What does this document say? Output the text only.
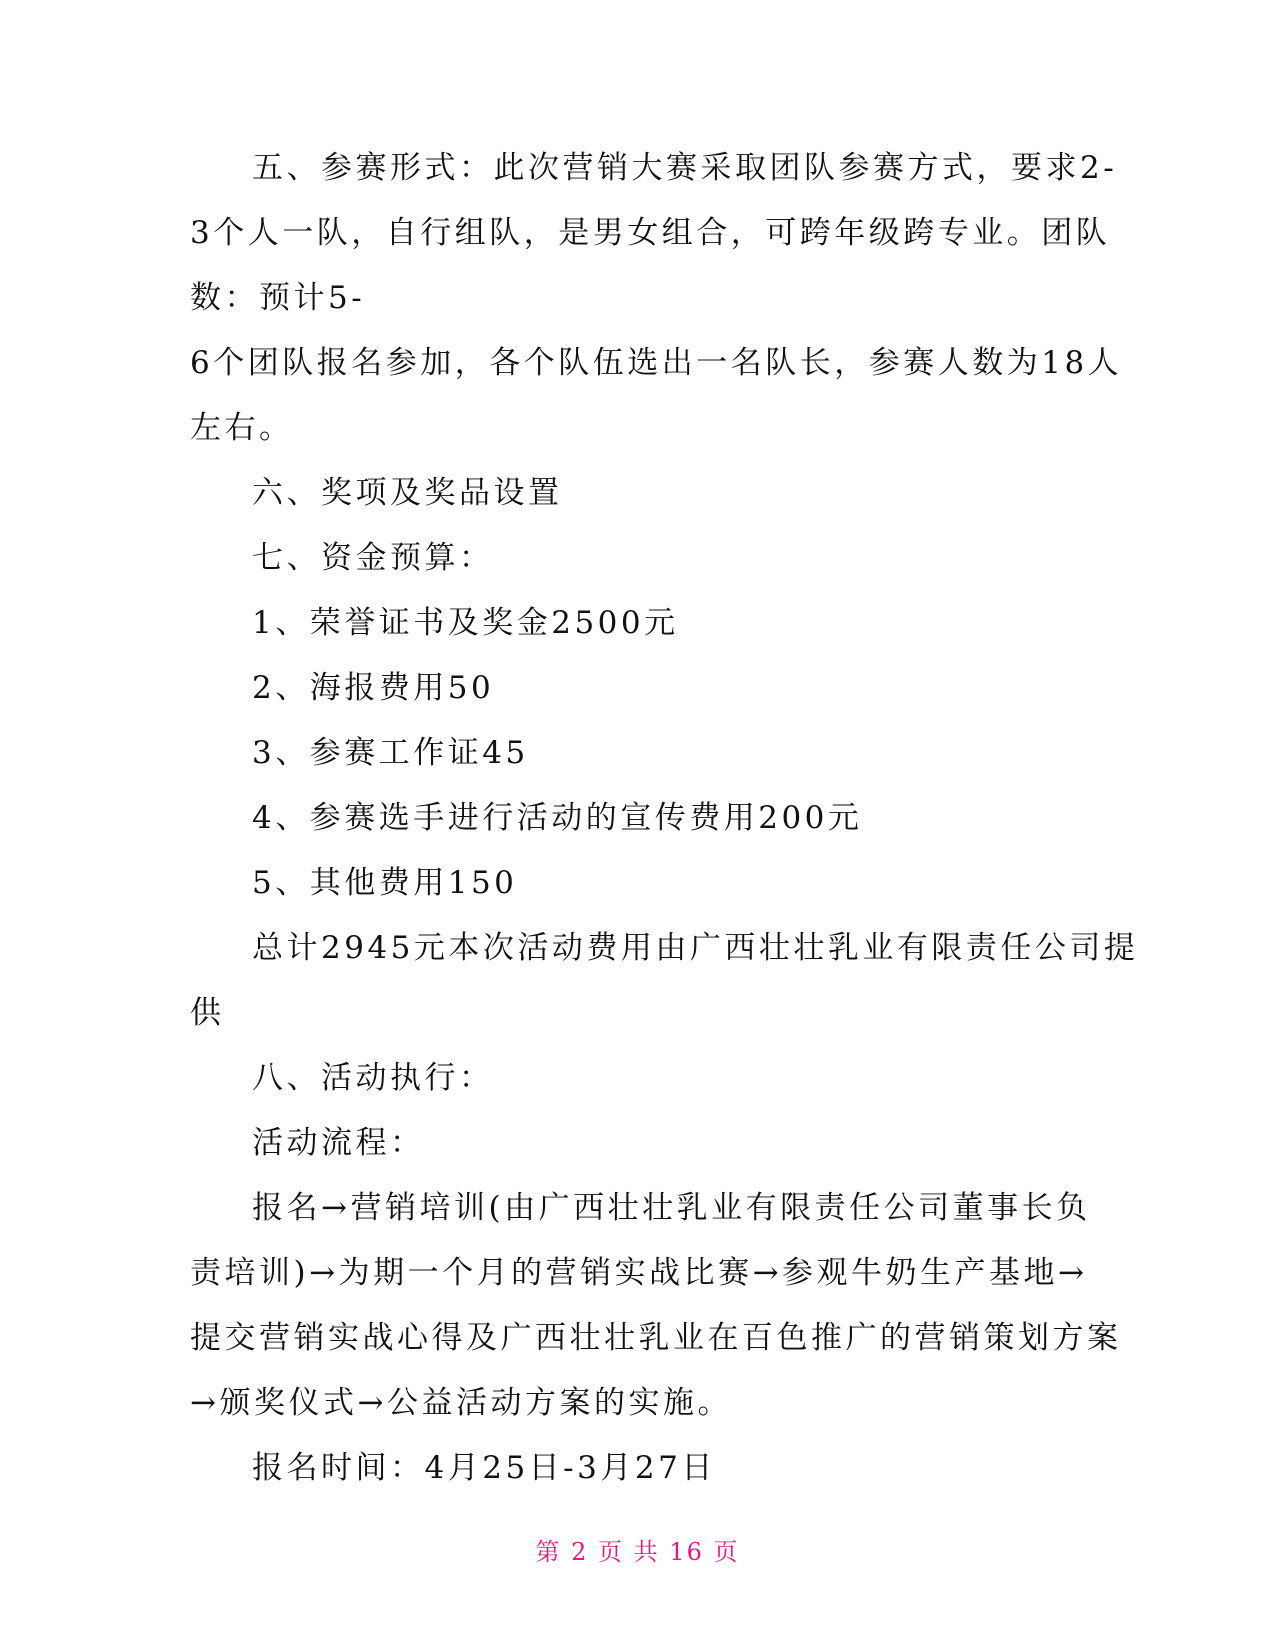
五、参赛形式：此次营销大赛采取团队参赛方式，要求2-
3个人一队，自行组队，是男女组合，可跨年级跨专业。团队
数：预计5-
6个团队报名参加，各个队伍选出一名队长，参赛人数为18人
左右。
六、奖项及奖品设置
七、资金预算：
1、荣誉证书及奖金2500元
2、海报费用50
3、参赛工作证45
4、参赛选手进行活动的宣传费用200元
5、其他费用150
总计2945元本次活动费用由广西壮壮乳业有限责任公司提
供
八、活动执行：
活动流程：
报名→营销培训(由广西壮壮乳业有限责任公司董事长负
责培训)→为期一个月的营销实战比赛→参观牛奶生产基地→
提交营销实战心得及广西壮壮乳业在百色推广的营销策划方案
→颁奖仪式→公益活动方案的实施。
报名时间：4月25日-3月27日
第 2 页 共 16 页
